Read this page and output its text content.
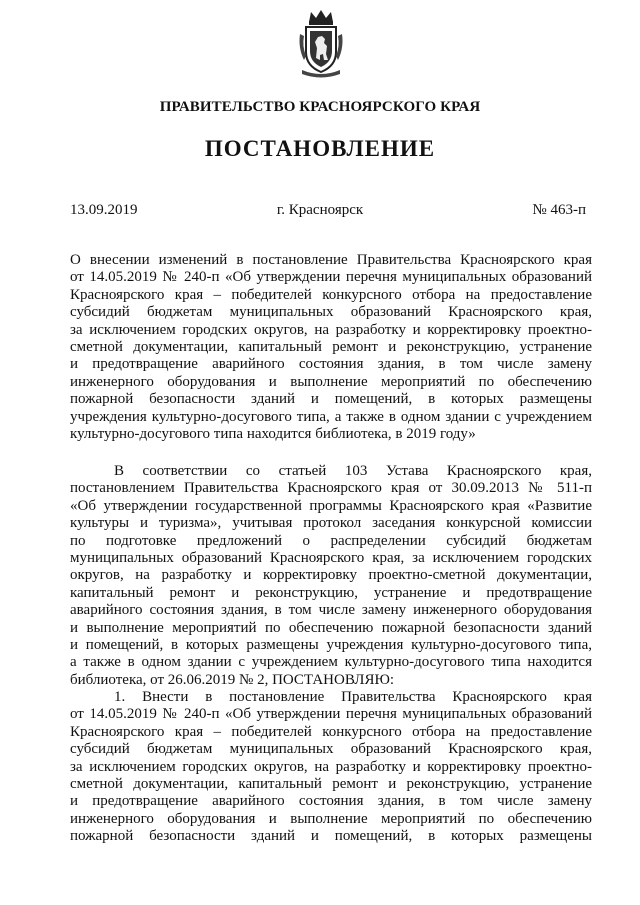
ПРАВИТЕЛЬСТВО КРАСНОЯРСКОГО КРАЯ
ПОСТАНОВЛЕНИЕ
13.09.2019	г. Красноярск	№ 463-п
О внесении изменений в постановление Правительства Красноярского края
от 14.05.2019 № 240-п «Об утверждении перечня муниципальных образований
Красноярского края – победителей конкурсного отбора на предоставление
субсидий бюджетам муниципальных образований Красноярского края,
за исключением городских округов, на разработку и корректировку проектно-
сметной документации, капитальный ремонт и реконструкцию, устранение
и предотвращение аварийного состояния здания, в том числе замену
инженерного оборудования и выполнение мероприятий по обеспечению
пожарной безопасности зданий и помещений, в которых размещены
учреждения культурно-досугового типа, а также в одном здании с учреждением
культурно-досугового типа находится библиотека, в 2019 году»
В соответствии со статьей 103 Устава Красноярского края,
постановлением Правительства Красноярского края от 30.09.2013 № 511-п
«Об утверждении государственной программы Красноярского края «Развитие
культуры и туризма», учитывая протокол заседания конкурсной комиссии
по подготовке предложений о распределении субсидий бюджетам
муниципальных образований Красноярского края, за исключением городских
округов, на разработку и корректировку проектно-сметной документации,
капитальный ремонт и реконструкцию, устранение и предотвращение
аварийного состояния здания, в том числе замену инженерного оборудования
и выполнение мероприятий по обеспечению пожарной безопасности зданий
и помещений, в которых размещены учреждения культурно-досугового типа,
а также в одном здании с учреждением культурно-досугового типа находится
библиотека, от 26.06.2019 № 2, ПОСТАНОВЛЯЮ:
1. Внести в постановление Правительства Красноярского края
от 14.05.2019 № 240-п «Об утверждении перечня муниципальных образований
Красноярского края – победителей конкурсного отбора на предоставление
субсидий бюджетам муниципальных образований Красноярского края,
за исключением городских округов, на разработку и корректировку проектно-
сметной документации, капитальный ремонт и реконструкцию, устранение
и предотвращение аварийного состояния здания, в том числе замену
инженерного оборудования и выполнение мероприятий по обеспечению
пожарной безопасности зданий и помещений, в которых размещены
